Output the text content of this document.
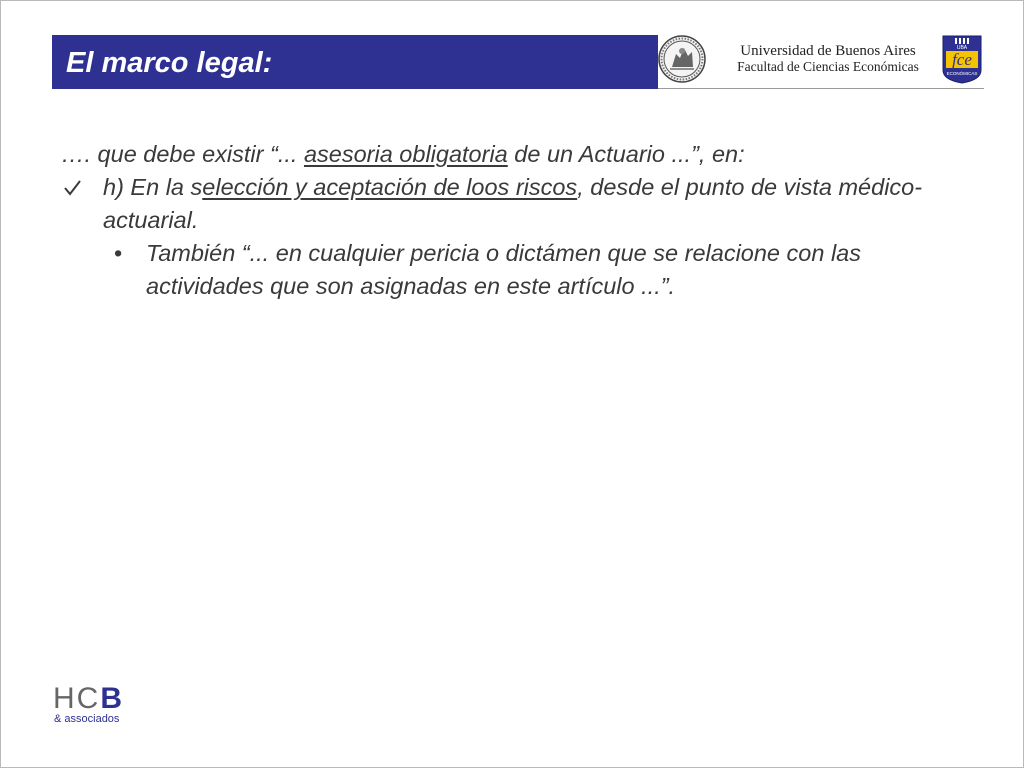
El marco legal:	Universidad de Buenos Aires
Facultad de Ciencias Económicas
UBA
fce
ECONÓMICAS
…. que debe existir “... asesoria obligatoria de un Actuario ...”, en:
h) En la selección y aceptación de loos riscos, desde el punto de vista médico-actuarial.
• También “... en cualquier pericia o dictámen que se relacione con las actividades que son asignadas en este artículo ...”.
HCB
& associados
